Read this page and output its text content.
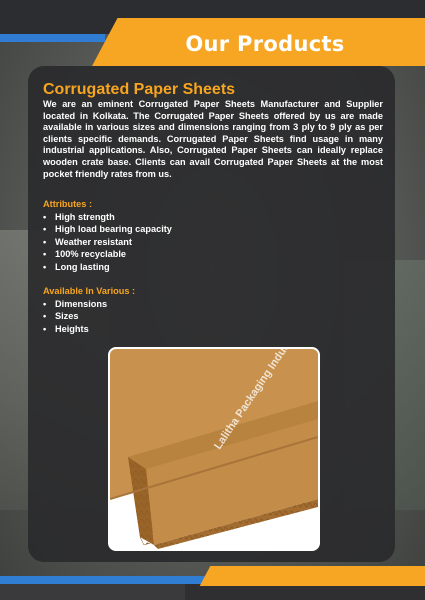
Our Products
Corrugated Paper Sheets

We are an eminent Corrugated Paper Sheets Manufacturer and Supplier located in Kolkata. The Corrugated Paper Sheets offered by us are made available in various sizes and dimensions ranging from 3 ply to 9 ply as per clients specific demands. Corrugated Paper Sheets find usage in many industrial applications. Also, Corrugated Paper Sheets can ideally replace wooden crate base. Clients can avail Corrugated Paper Sheets at the most pocket friendly rates from us.

Attributes :

• High strength
• High load bearing capacity
• Weather resistant
• 100% recyclable
• Long lasting

Available In Various :

• Dimensions
• Sizes
• Heights
